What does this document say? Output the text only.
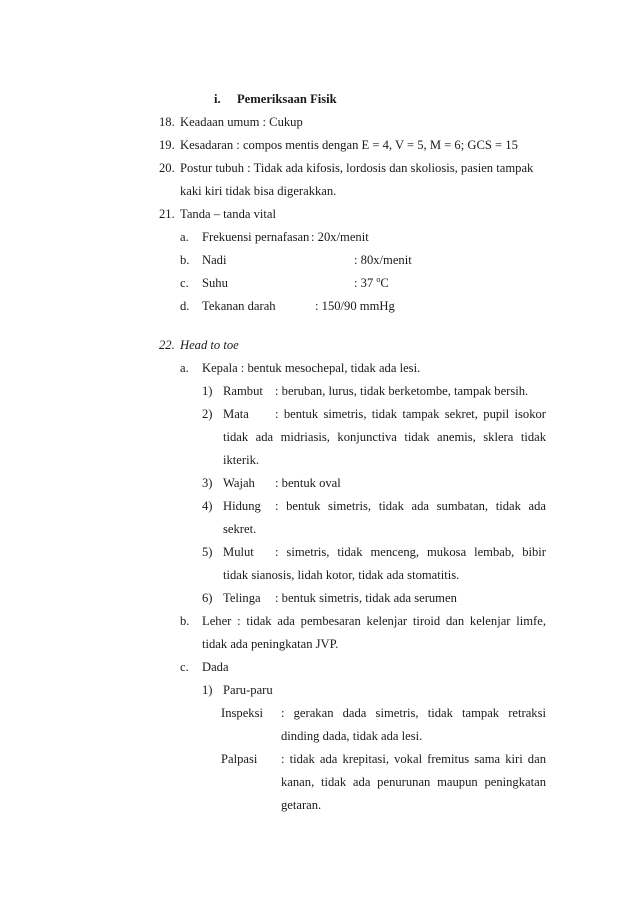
i. Pemeriksaan Fisik
18. Keadaan umum : Cukup
19. Kesadaran : compos mentis dengan E = 4, V = 5, M = 6; GCS = 15
20. Postur tubuh : Tidak ada kifosis, lordosis dan skoliosis, pasien tampak
kaki kiri tidak bisa digerakkan.
21. Tanda – tanda vital
a. Frekuensi pernafasan : 20x/menit
b. Nadi	: 80x/menit
c. Suhu	: 37 $^o$C
d. Tekanan darah	: 150/90 mmHg
22. Head to toe
a. Kepala : bentuk mesochepal, tidak ada lesi.
1) Rambut : beruban, lurus, tidak berketombe, tampak bersih.
2) Mata : bentuk simetris, tidak tampak sekret, pupil isokor
tidak ada midriasis, konjunctiva tidak anemis, sklera tidak
ikterik.
3) Wajah : bentuk oval
4) Hidung : bentuk simetris, tidak ada sumbatan, tidak ada
sekret.
5) Mulut : simetris, tidak menceng, mukosa lembab, bibir
tidak sianosis, lidah kotor, tidak ada stomatitis.
6) Telinga : bentuk simetris, tidak ada serumen
b. Leher : tidak ada pembesaran kelenjar tiroid dan kelenjar limfe,
tidak ada peningkatan JVP.
c. Dada
1) Paru-paru
Inspeksi : gerakan dada simetris, tidak tampak retraksi
dinding dada, tidak ada lesi.
Palpasi : tidak ada krepitasi, vokal fremitus sama kiri dan
kanan, tidak ada penurunan maupun peningkatan
getaran.
